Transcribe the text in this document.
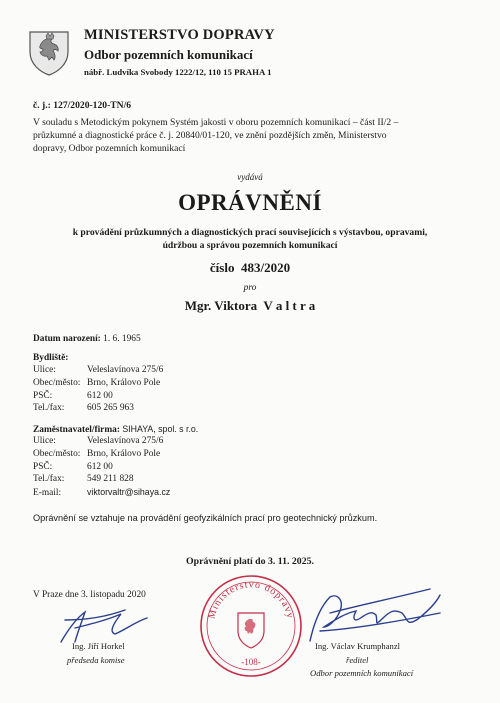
MINISTERSTVO DOPRAVY
Odbor pozemních komunikací
nábř. Ludvíka Svobody 1222/12, 110 15 PRAHA 1
č. j.: 127/2020-120-TN/6
V souladu s Metodickým pokynem Systém jakosti v oboru pozemních komunikací – část II/2 –
průzkumné a diagnostické práce č. j. 20840/01-120, ve znění pozdějších změn, Ministerstvo
dopravy, Odbor pozemních komunikací
vydává
OPRÁVNĚNÍ
k provádění průzkumných a diagnostických prací souvisejících s výstavbou, opravami,
údržbou a správou pozemních komunikací
číslo  483/2020
pro
Mgr. Viktora  V a l t r a
Datum narození: 1. 6. 1965
Bydliště:
Ulice:	Veleslavínova 275/6
Obec/město: Brno, Královo Pole
PSČ:	612 00
Tel./fax: 605 265 963
Zaměstnavatel/firma: SIHAYA, spol. s r.o.
Ulice:	Veleslavínova 275/6
Obec/město: Brno, Královo Pole
PSČ:	612 00
Tel./fax: 549 211 828
E-mail:	viktorvaltr@sihaya.cz
Oprávnění se vztahuje na provádění geofyzikálních prací pro geotechnický průzkum.
Oprávnění platí do 3. 11. 2025.
V Praze dne 3. listopadu 2020
Ing. Jiří Horkel
předseda komise
Ministerstvo dopravy
-108-
Ing. Václav Krumphanzl
ředitel
Odbor pozemních komunikací
